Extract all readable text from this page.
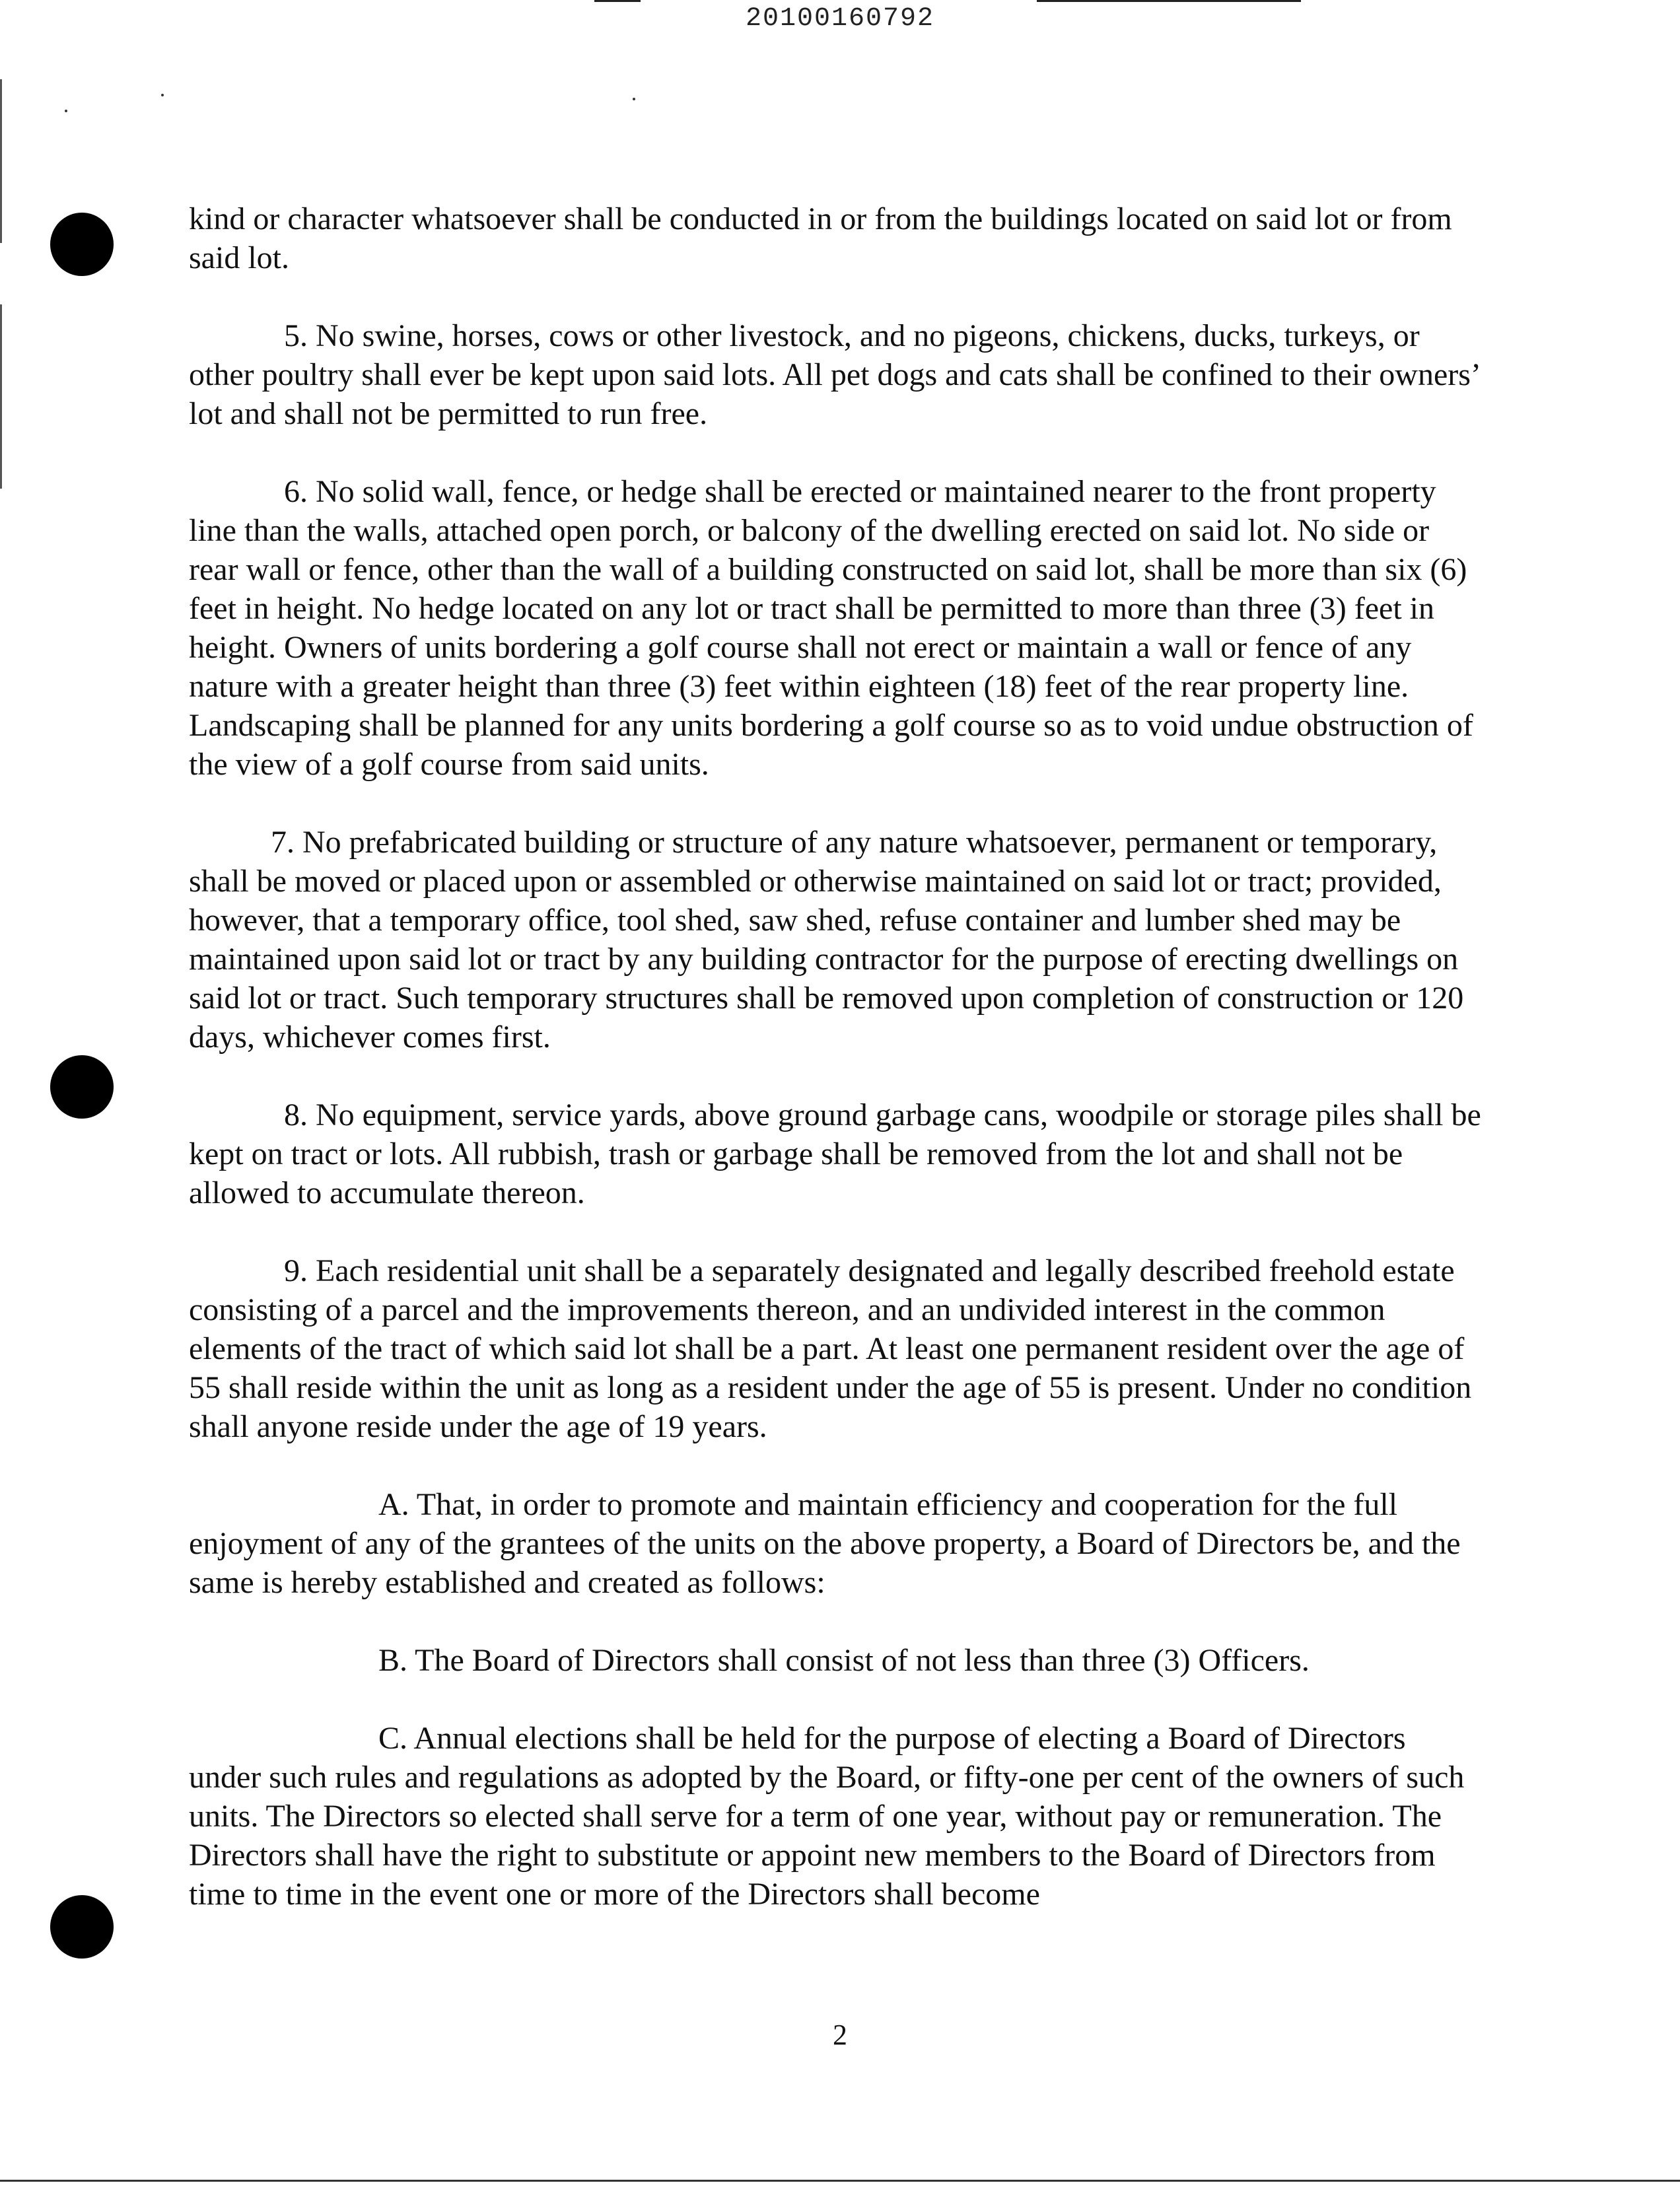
20100160792

kind or character whatsoever shall be conducted in or from the buildings located on said lot or from said lot.

5. No swine, horses, cows or other livestock, and no pigeons, chickens, ducks, turkeys, or other poultry shall ever be kept upon said lots. All pet dogs and cats shall be confined to their owners’ lot and shall not be permitted to run free.

6. No solid wall, fence, or hedge shall be erected or maintained nearer to the front property line than the walls, attached open porch, or balcony of the dwelling erected on said lot. No side or rear wall or fence, other than the wall of a building constructed on said lot, shall be more than six (6) feet in height. No hedge located on any lot or tract shall be permitted to more than three (3) feet in height. Owners of units bordering a golf course shall not erect or maintain a wall or fence of any nature with a greater height than three (3) feet within eighteen (18) feet of the rear property line. Landscaping shall be planned for any units bordering a golf course so as to void undue obstruction of the view of a golf course from said units.

7. No prefabricated building or structure of any nature whatsoever, permanent or temporary, shall be moved or placed upon or assembled or otherwise maintained on said lot or tract; provided, however, that a temporary office, tool shed, saw shed, refuse container and lumber shed may be maintained upon said lot or tract by any building contractor for the purpose of erecting dwellings on said lot or tract. Such temporary structures shall be removed upon completion of construction or 120 days, whichever comes first.

8. No equipment, service yards, above ground garbage cans, woodpile or storage piles shall be kept on tract or lots. All rubbish, trash or garbage shall be removed from the lot and shall not be allowed to accumulate thereon.

9. Each residential unit shall be a separately designated and legally described freehold estate consisting of a parcel and the improvements thereon, and an undivided interest in the common elements of the tract of which said lot shall be a part. At least one permanent resident over the age of 55 shall reside within the unit as long as a resident under the age of 55 is present. Under no condition shall anyone reside under the age of 19 years.

A. That, in order to promote and maintain efficiency and cooperation for the full enjoyment of any of the grantees of the units on the above property, a Board of Directors be, and the same is hereby established and created as follows:

B. The Board of Directors shall consist of not less than three (3) Officers.

C. Annual elections shall be held for the purpose of electing a Board of Directors under such rules and regulations as adopted by the Board, or fifty-one per cent of the owners of such units. The Directors so elected shall serve for a term of one year, without pay or remuneration. The Directors shall have the right to substitute or appoint new members to the Board of Directors from time to time in the event one or more of the Directors shall become

2
